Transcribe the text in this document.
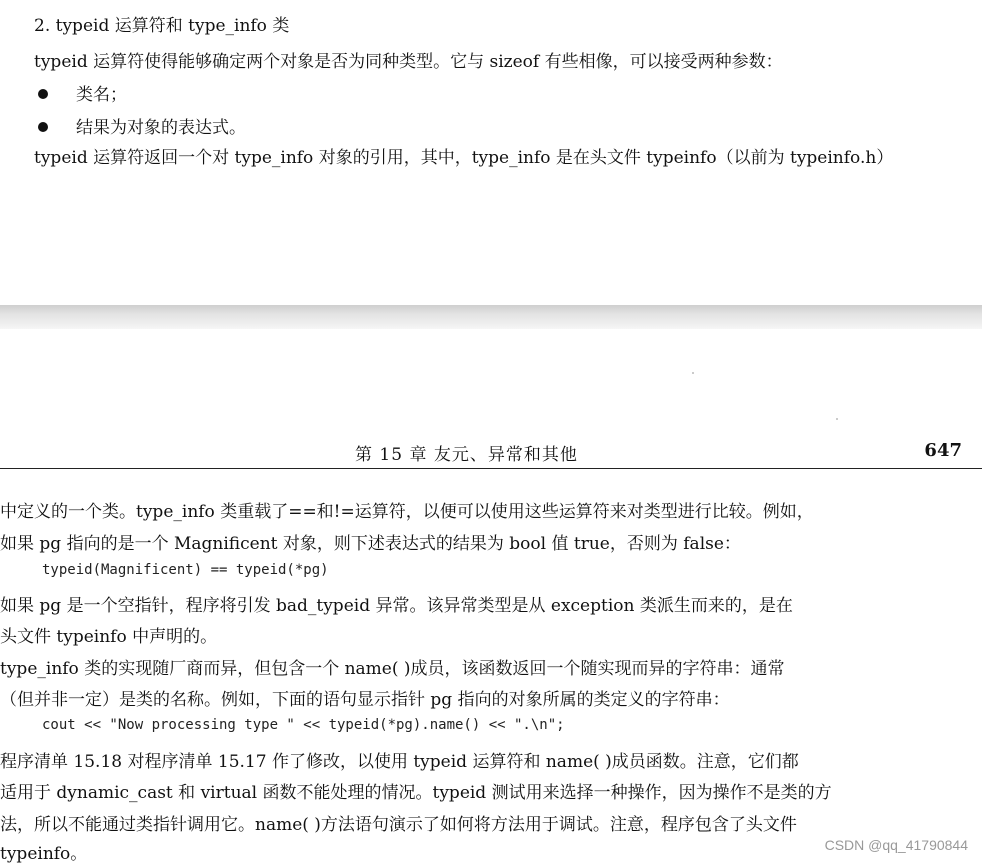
2. typeid 运算符和 type_info 类
typeid 运算符使得能够确定两个对象是否为同种类型。它与 sizeof 有些相像，可以接受两种参数：
类名；
结果为对象的表达式。
typeid 运算符返回一个对 type_info 对象的引用，其中，type_info 是在头文件 typeinfo（以前为 typeinfo.h）
第 15 章 友元、异常和其他	647
中定义的一个类。type_info 类重载了==和!=运算符，以便可以使用这些运算符来对类型进行比较。例如，
如果 pg 指向的是一个 Magnificent 对象，则下述表达式的结果为 bool 值 true，否则为 false：
typeid(Magnificent) == typeid(*pg)
如果 pg 是一个空指针，程序将引发 bad_typeid 异常。该异常类型是从 exception 类派生而来的，是在
头文件 typeinfo 中声明的。
type_info 类的实现随厂商而异，但包含一个 name( )成员，该函数返回一个随实现而异的字符串：通常
（但并非一定）是类的名称。例如，下面的语句显示指针 pg 指向的对象所属的类定义的字符串：
cout << "Now processing type " << typeid(*pg).name() << ".\n";
程序清单 15.18 对程序清单 15.17 作了修改，以使用 typeid 运算符和 name( )成员函数。注意，它们都
适用于 dynamic_cast 和 virtual 函数不能处理的情况。typeid 测试用来选择一种操作，因为操作不是类的方
法，所以不能通过类指针调用它。name( )方法语句演示了如何将方法用于调试。注意，程序包含了头文件
typeinfo。	CSDN @qq_41790844
